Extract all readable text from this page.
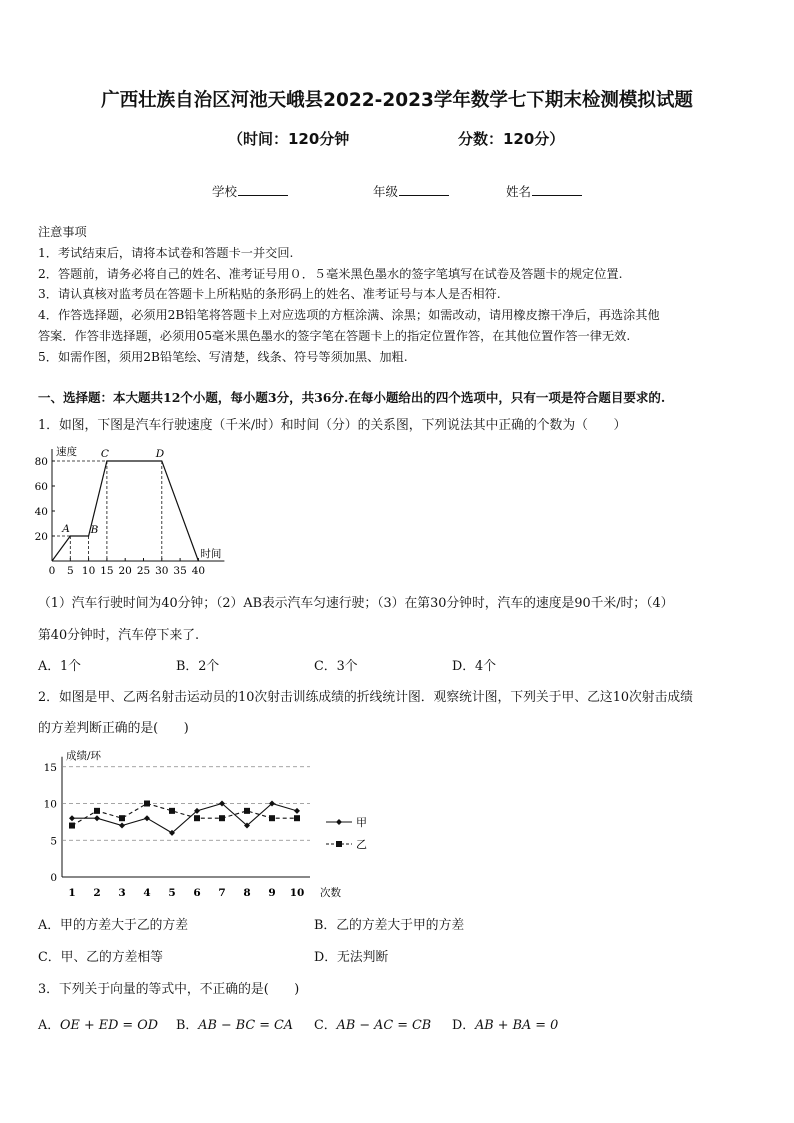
广西壮族自治区河池天峨县2022-2023学年数学七下期末检测模拟试题
（时间：120分钟	分数：120分）
学校	年级	姓名
注意事项
1．考试结束后，请将本试卷和答题卡一并交回.
2．答题前，请务必将自己的姓名、准考证号用０．５毫米黑色墨水的签字笔填写在试卷及答题卡的规定位置.
3．请认真核对监考员在答题卡上所粘贴的条形码上的姓名、准考证号与本人是否相符.
4．作答选择题，必须用2B铅笔将答题卡上对应选项的方框涂满、涂黑；如需改动，请用橡皮擦干净后，再选涂其他
答案．作答非选择题，必须用05毫米黑色墨水的签字笔在答题卡上的指定位置作答，在其他位置作答一律无效.
5．如需作图，须用2B铅笔绘、写清楚，线条、符号等须加黑、加粗.
一、选择题：本大题共12个小题，每小题3分，共36分.在每小题给出的四个选项中，只有一项是符合题目要求的.
1．如图，下图是汽车行驶速度（千米/时）和时间（分）的关系图，下列说法其中正确的个数为（　　）
速度
时间
20
40
60
80
0 5 10 15 20 25 30 35 40
A B
C	D
（1）汽车行驶时间为40分钟；（2）AB表示汽车匀速行驶；（3）在第30分钟时，汽车的速度是90千米/时；（4）
第40分钟时，汽车停下来了.
A．1个	B．2个	C．3个	D．4个
2．如图是甲、乙两名射击运动员的10次射击训练成绩的折线统计图．观察统计图，下列关于甲、乙这10次射击成绩
的方差判断正确的是(　　)
成绩/环
0
5
10
15
1 2 3 4 5 6 7 8 9 10 次数
甲
乙
A．甲的方差大于乙的方差	B．乙的方差大于甲的方差
C．甲、乙的方差相等	D．无法判断
3．下列关于向量的等式中，不正确的是(　　)
A．OE + ED = OD B．AB − BC = CA C．AB − AC = CB D．AB + BA = 0
